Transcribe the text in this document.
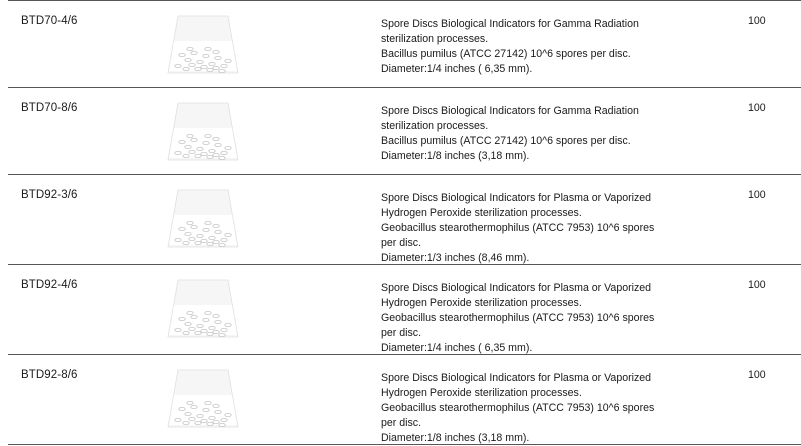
BTD70-4/6	Spore Discs Biological Indicators for Gamma Radiation
sterilization processes.
Bacillus pumilus (ATCC 27142) 10^6 spores per disc.
Diameter:1/4 inches ( 6,35 mm).
100
BTD70-8/6	Spore Discs Biological Indicators for Gamma Radiation
sterilization processes.
Bacillus pumilus (ATCC 27142) 10^6 spores per disc.
Diameter:1/8 inches (3,18 mm).
100
BTD92-3/6	Spore Discs Biological Indicators for Plasma or Vaporized
Hydrogen Peroxide sterilization processes.
Geobacillus stearothermophilus (ATCC 7953) 10^6 spores
per disc.
Diameter:1/3 inches (8,46 mm).
100
BTD92-4/6	Spore Discs Biological Indicators for Plasma or Vaporized
Hydrogen Peroxide sterilization processes.
Geobacillus stearothermophilus (ATCC 7953) 10^6 spores
per disc.
Diameter:1/4 inches ( 6,35 mm).
100
BTD92-8/6	Spore Discs Biological Indicators for Plasma or Vaporized
Hydrogen Peroxide sterilization processes.
Geobacillus stearothermophilus (ATCC 7953) 10^6 spores
per disc.
Diameter:1/8 inches (3,18 mm).
100
